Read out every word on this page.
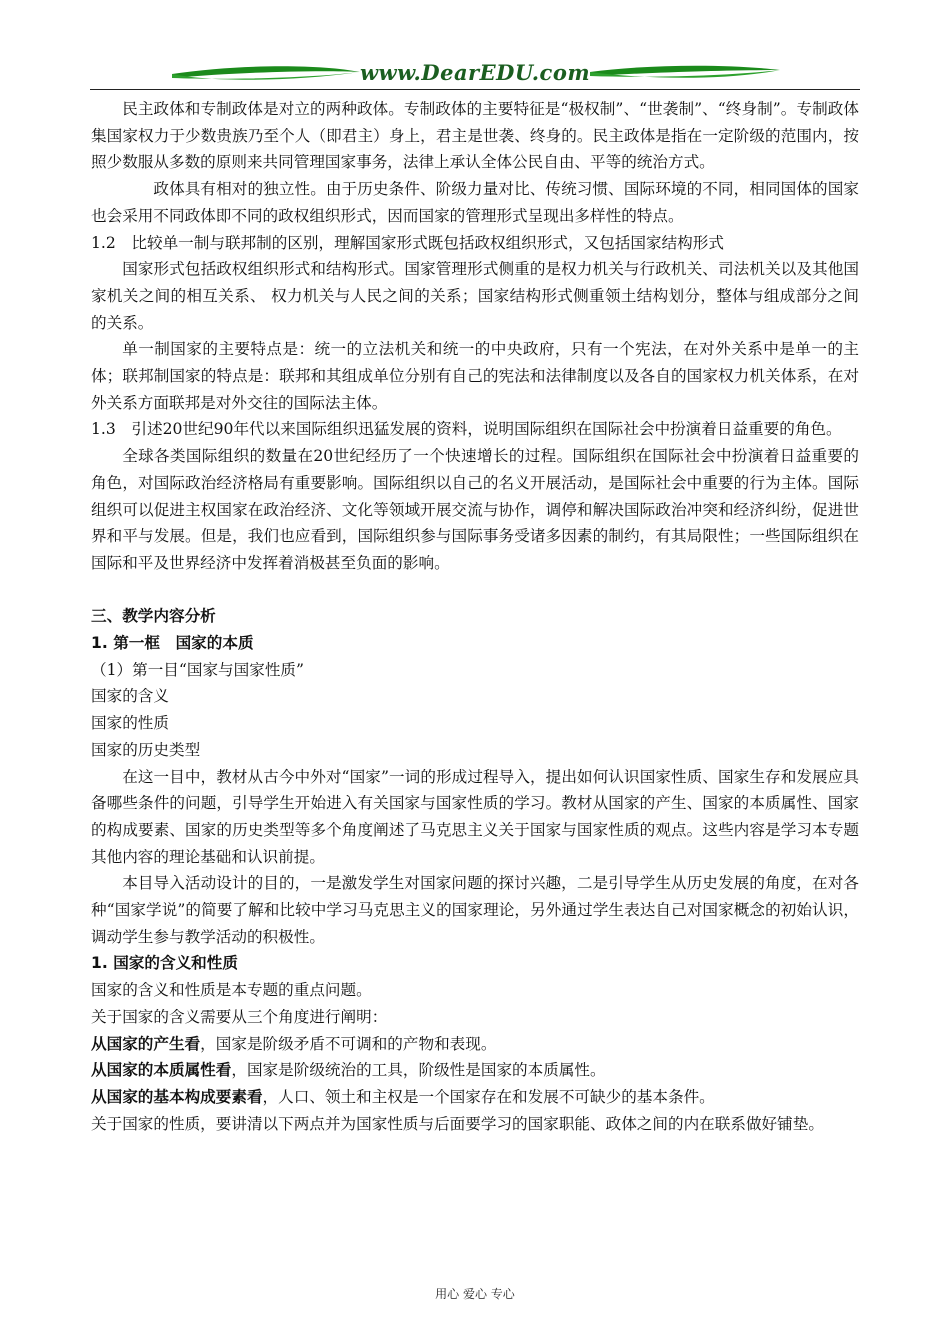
www.DearEDU.com

民主政体和专制政体是对立的两种政体。专制政体的主要特征是“极权制”、“世袭制”、“终身制”。专制政体集国家权力于少数贵族乃至个人（即君主）身上，君主是世袭、终身的。民主政体是指在一定阶级的范围内，按照少数服从多数的原则来共同管理国家事务，法律上承认全体公民自由、平等的统治方式。

政体具有相对的独立性。由于历史条件、阶级力量对比、传统习惯、国际环境的不同，相同国体的国家也会采用不同政体即不同的政权组织形式，因而国家的管理形式呈现出多样性的特点。

1.2　比较单一制与联邦制的区别，理解国家形式既包括政权组织形式，又包括国家结构形式

国家形式包括政权组织形式和结构形式。国家管理形式侧重的是权力机关与行政机关、司法机关以及其他国家机关之间的相互关系、 权力机关与人民之间的关系；国家结构形式侧重领土结构划分，整体与组成部分之间的关系。

单一制国家的主要特点是：统一的立法机关和统一的中央政府，只有一个宪法，在对外关系中是单一的主体；联邦制国家的特点是：联邦和其组成单位分别有自己的宪法和法律制度以及各自的国家权力机关体系，在对外关系方面联邦是对外交往的国际法主体。

1.3　引述20世纪90年代以来国际组织迅猛发展的资料，说明国际组织在国际社会中扮演着日益重要的角色。

全球各类国际组织的数量在20世纪经历了一个快速增长的过程。国际组织在国际社会中扮演着日益重要的角色，对国际政治经济格局有重要影响。国际组织以自己的名义开展活动，是国际社会中重要的行为主体。国际组织可以促进主权国家在政治经济、文化等领域开展交流与协作，调停和解决国际政治冲突和经济纠纷，促进世界和平与发展。但是，我们也应看到，国际组织参与国际事务受诸多因素的制约，有其局限性；一些国际组织在国际和平及世界经济中发挥着消极甚至负面的影响。

三、教学内容分析

1. 第一框　国家的本质

（1）第一目“国家与国家性质”

国家的含义

国家的性质

国家的历史类型

在这一目中，教材从古今中外对“国家”一词的形成过程导入，提出如何认识国家性质、国家生存和发展应具备哪些条件的问题，引导学生开始进入有关国家与国家性质的学习。教材从国家的产生、国家的本质属性、国家的构成要素、国家的历史类型等多个角度阐述了马克思主义关于国家与国家性质的观点。这些内容是学习本专题其他内容的理论基础和认识前提。

本目导入活动设计的目的，一是激发学生对国家问题的探讨兴趣，二是引导学生从历史发展的角度，在对各种“国家学说”的简要了解和比较中学习马克思主义的国家理论，另外通过学生表达自己对国家概念的初始认识，调动学生参与教学活动的积极性。

1. 国家的含义和性质

国家的含义和性质是本专题的重点问题。

关于国家的含义需要从三个角度进行阐明：

从国家的产生看，国家是阶级矛盾不可调和的产物和表现。

从国家的本质属性看，国家是阶级统治的工具，阶级性是国家的本质属性。

从国家的基本构成要素看，人口、领土和主权是一个国家存在和发展不可缺少的基本条件。

关于国家的性质，要讲清以下两点并为国家性质与后面要学习的国家职能、政体之间的内在联系做好铺垫。

用心 爱心 专心
